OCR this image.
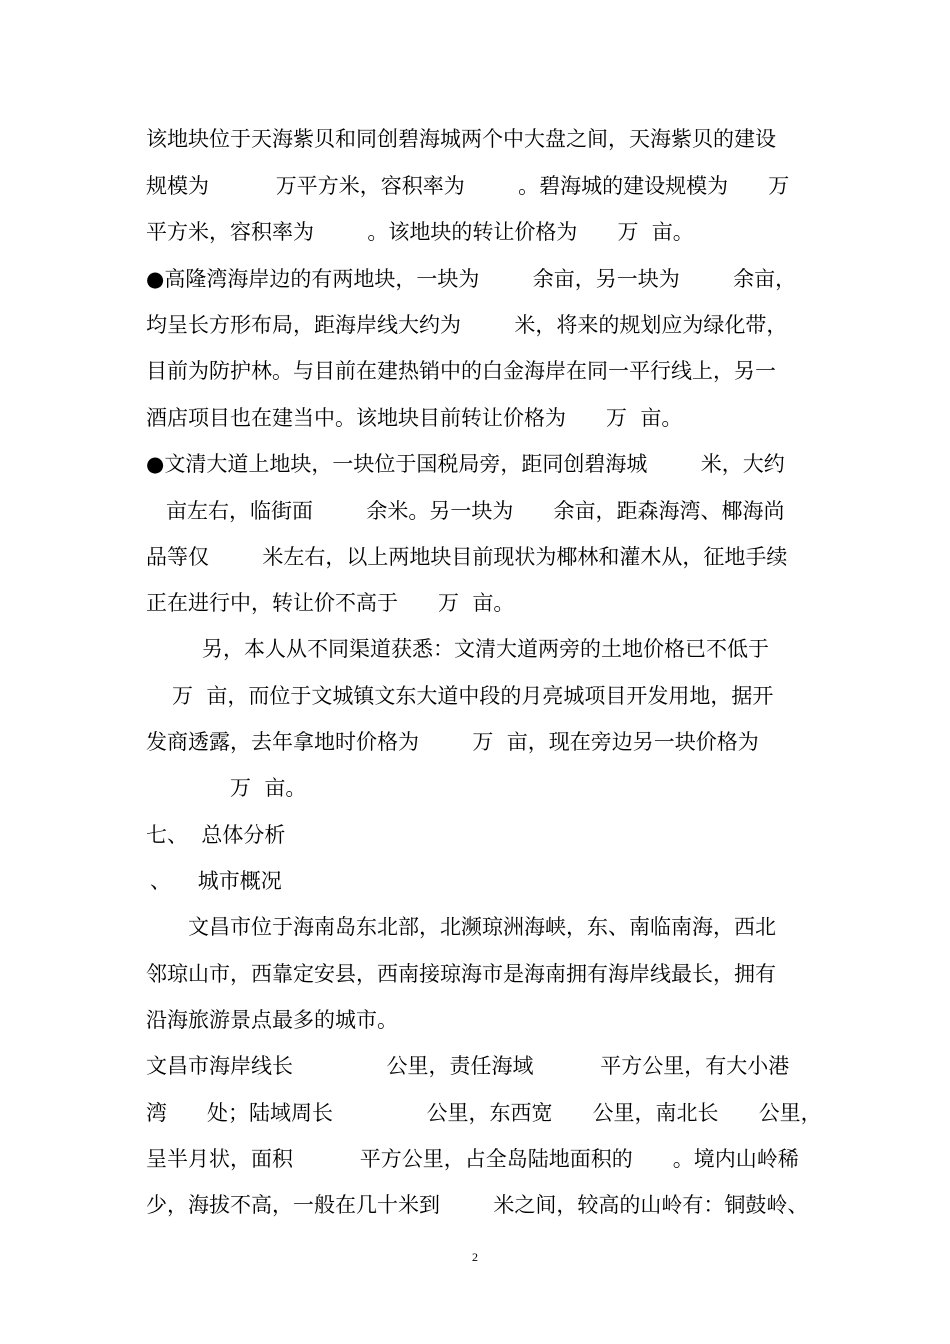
该地块位于天海紫贝和同创碧海城两个中大盘之间，天海紫贝的建设
规模为          万平方米，容积率为        。碧海城的建设规模为      万
平方米，容积率为        。该地块的转让价格为      万  亩。
●高隆湾海岸边的有两地块，一块为        余亩，另一块为        余亩，
均呈长方形布局，距海岸线大约为        米，将来的规划应为绿化带，
目前为防护林。与目前在建热销中的白金海岸在同一平行线上，另一
酒店项目也在建当中。该地块目前转让价格为      万  亩。
●文清大道上地块，一块位于国税局旁，距同创碧海城        米，大约
亩左右，临街面        余米。另一块为      余亩，距森海湾、椰海尚
品等仅        米左右，以上两地块目前现状为椰林和灌木从，征地手续
正在进行中，转让价不高于      万  亩。
另，本人从不同渠道获悉：文清大道两旁的土地价格已不低于
万  亩，而位于文城镇文东大道中段的月亮城项目开发用地，据开
发商透露，去年拿地时价格为        万  亩，现在旁边另一块价格为
万  亩。
七、  总体分析
、    城市概况
文昌市位于海南岛东北部，北濒琼洲海峡，东、南临南海，西北
邻琼山市，西靠定安县，西南接琼海市是海南拥有海岸线最长，拥有
沿海旅游景点最多的城市。
文昌市海岸线长              公里，责任海域          平方公里，有大小港
湾      处；陆域周长              公里，东西宽      公里，南北长      公里，
呈半月状，面积          平方公里，占全岛陆地面积的      。境内山岭稀
少，海拔不高，一般在几十米到        米之间，较高的山岭有：铜鼓岭、
2
